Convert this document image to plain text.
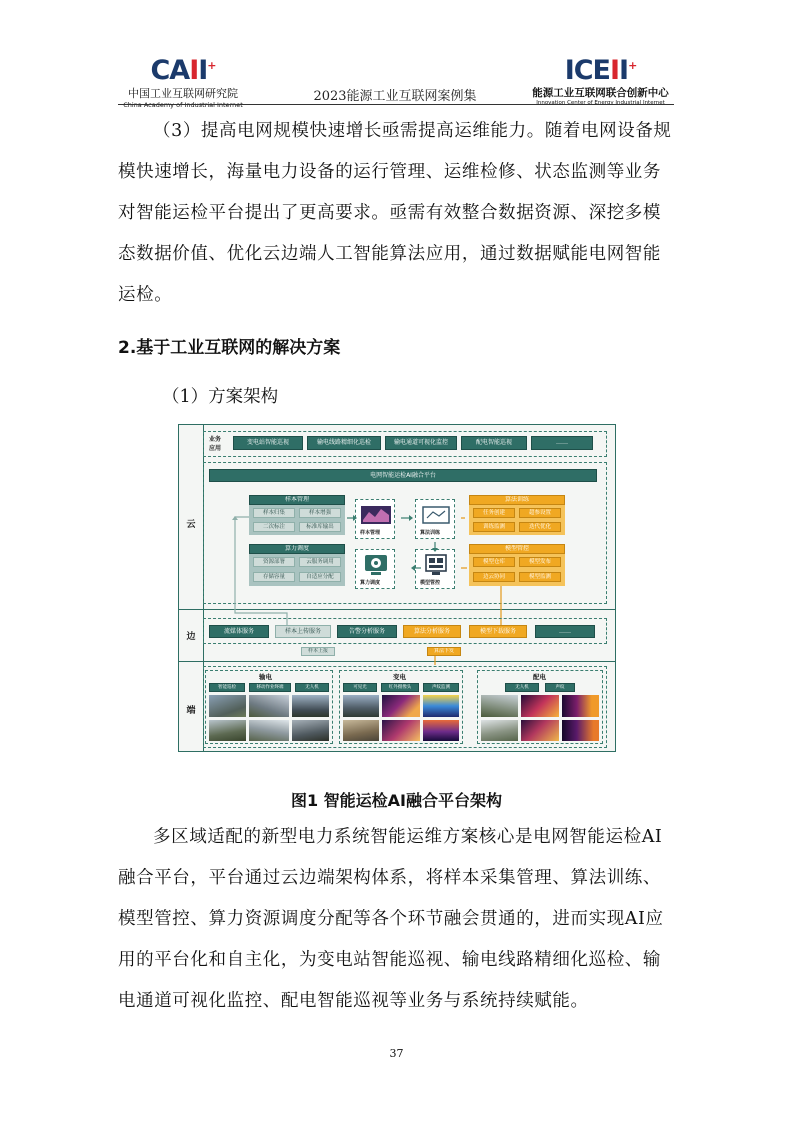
CAII+
中国工业互联网研究院
China Academy of Industrial Internet
2023能源工业互联网案例集
ICEII+
能源工业互联网联合创新中心
Innovation Center of Energy Industrial Internet
（3）提高电网规模快速增长亟需提高运维能力。随着电网设备规模快速增长，海量电力设备的运行管理、运维检修、状态监测等业务对智能运检平台提出了更高要求。亟需有效整合数据资源、深挖多模态数据价值、优化云边端人工智能算法应用，通过数据赋能电网智能运检。
2.基于工业互联网的解决方案
（1）方案架构
云
边
端
业务
应用
变电站智能巡视	输电线路精细化巡检	输电通道可视化监控	配电智能巡视	……
电网智能运检AI融合平台
样本管理
样本归集	样本增强
二次标注	标准库输出
算力调度
资源部署	云服务调用
存储容量	自适应分配
样本管理	算法训练
算力调度	模型管控
算法训练
任务创建	超参设置
训练监测	迭代优化
模型管控
模型仓库	模型发布
边云协同	模型监测
流媒体服务	样本上传服务	告警分析服务	算法分析服务	模型下载服务	……
样本上报	算法下发
输电
智能巡检	移动作业终端	无人机
变电
可见光	红外摄像头	声纹监测
配电
无人机	声纹
图1 智能运检AI融合平台架构
多区域适配的新型电力系统智能运维方案核心是电网智能运检AI融合平台，平台通过云边端架构体系，将样本采集管理、算法训练、模型管控、算力资源调度分配等各个环节融会贯通的，进而实现AI应用的平台化和自主化，为变电站智能巡视、输电线路精细化巡检、输电通道可视化监控、配电智能巡视等业务与系统持续赋能。
37
